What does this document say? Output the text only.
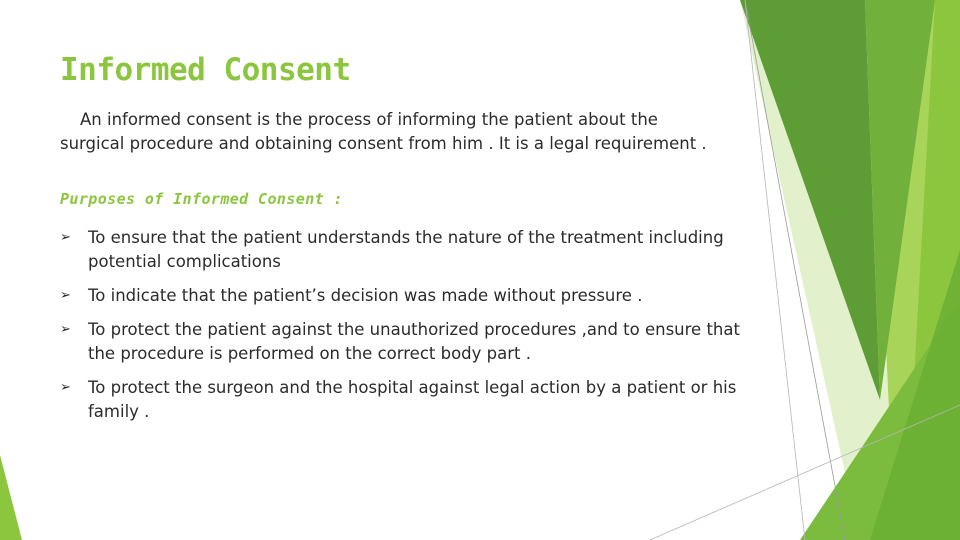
Informed Consent

An informed consent is the process of informing the patient about the surgical procedure and obtaining consent from him . It is a legal requirement .

Purposes of Informed Consent :
➢ To ensure that the patient understands the nature of the treatment including potential complications
➢ To indicate that the patient’s decision was made without pressure .
➢ To protect the patient against the unauthorized procedures ,and to ensure that the procedure is performed on the correct body part .
➢ To protect the surgeon and the hospital against legal action by a patient or his family .
